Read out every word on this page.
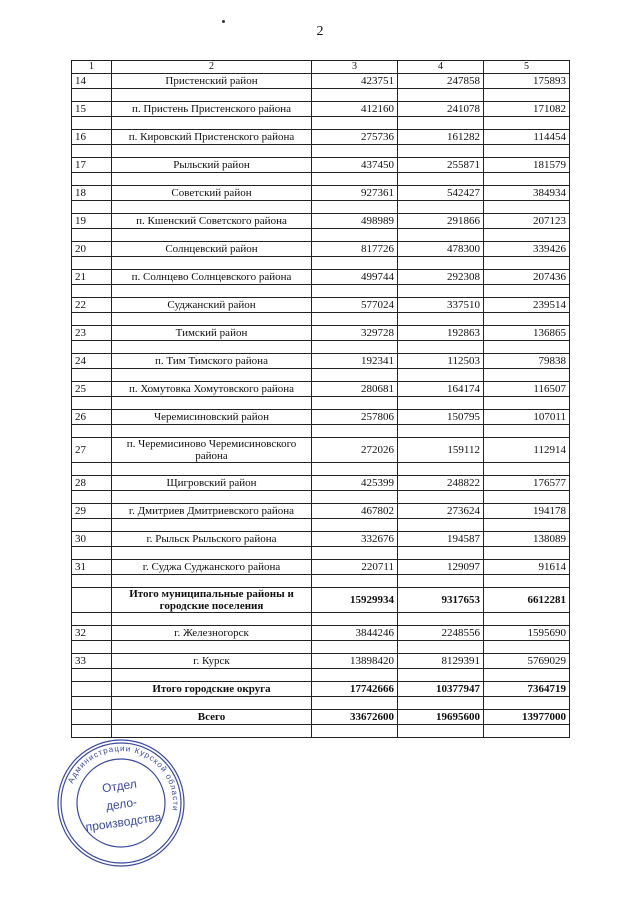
2
1	2	3	4	5
14	Пристенский район	423751	247858	175893

15	п. Пристень Пристенского района	412160	241078	171082

16	п. Кировский Пристенского района	275736	161282	114454

17	Рыльский район	437450	255871	181579

18	Советский район	927361	542427	384934

19	п. Кшенский Советского района	498989	291866	207123

20	Солнцевский район	817726	478300	339426

21	п. Солнцево Солнцевского района	499744	292308	207436

22	Суджанский район	577024	337510	239514

23	Тимский район	329728	192863	136865

24	п. Тим Тимского района	192341	112503	79838

25	п. Хомутовка Хомутовского района	280681	164174	116507

26	Черемисиновский район	257806	150795	107011

27	п. Черемисиново Черемисиновского района	272026	159112	112914

28	Щигровский район	425399	248822	176577

29	г. Дмитриев Дмитриевского района	467802	273624	194178

30	г. Рыльск Рыльского района	332676	194587	138089

31	г. Суджа Суджанского района	220711	129097	91614

	Итого муниципальные районы и городские поселения	15929934	9317653	6612281

32	г. Железногорск	3844246	2248556	1595690

33	г. Курск	13898420	8129391	5769029

	Итого городские округа	17742666	10377947	7364719

	Всего	33672600	19695600	13977000

Администрации Курской области
Отдел
дело-
производства
